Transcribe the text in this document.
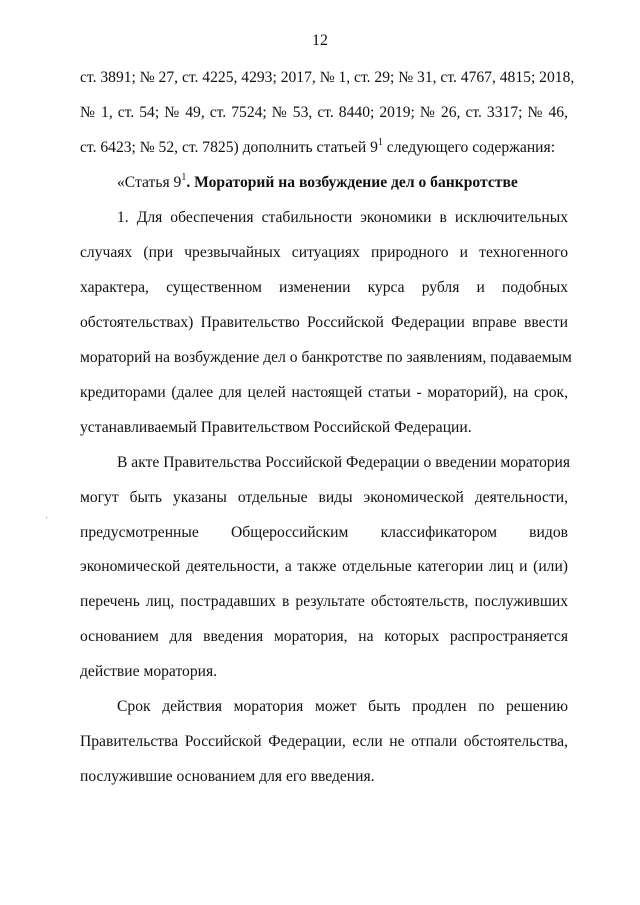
12
ст. 3891; № 27, ст. 4225, 4293; 2017, № 1, ст. 29; № 31, ст. 4767, 4815; 2018,
№ 1, ст. 54; № 49, ст. 7524; № 53, ст. 8440; 2019; № 26, ст. 3317; № 46,
ст. 6423; № 52, ст. 7825) дополнить статьей $9^1$ следующего содержания:
«Статья $9^1$. Мораторий на возбуждение дел о банкротстве
1. Для обеспечения стабильности экономики в исключительных
случаях (при чрезвычайных ситуациях природного и техногенного
характера, существенном изменении курса рубля и подобных
обстоятельствах) Правительство Российской Федерации вправе ввести
мораторий на возбуждение дел о банкротстве по заявлениям, подаваемым
кредиторами (далее для целей настоящей статьи - мораторий), на срок,
устанавливаемый Правительством Российской Федерации.
В акте Правительства Российской Федерации о введении моратория
могут быть указаны отдельные виды экономической деятельности,
предусмотренные Общероссийским классификатором видов
экономической деятельности, а также отдельные категории лиц и (или)
перечень лиц, пострадавших в результате обстоятельств, послуживших
основанием для введения моратория, на которых распространяется
действие моратория.
Срок действия моратория может быть продлен по решению
Правительства Российской Федерации, если не отпали обстоятельства,
послужившие основанием для его введения.
